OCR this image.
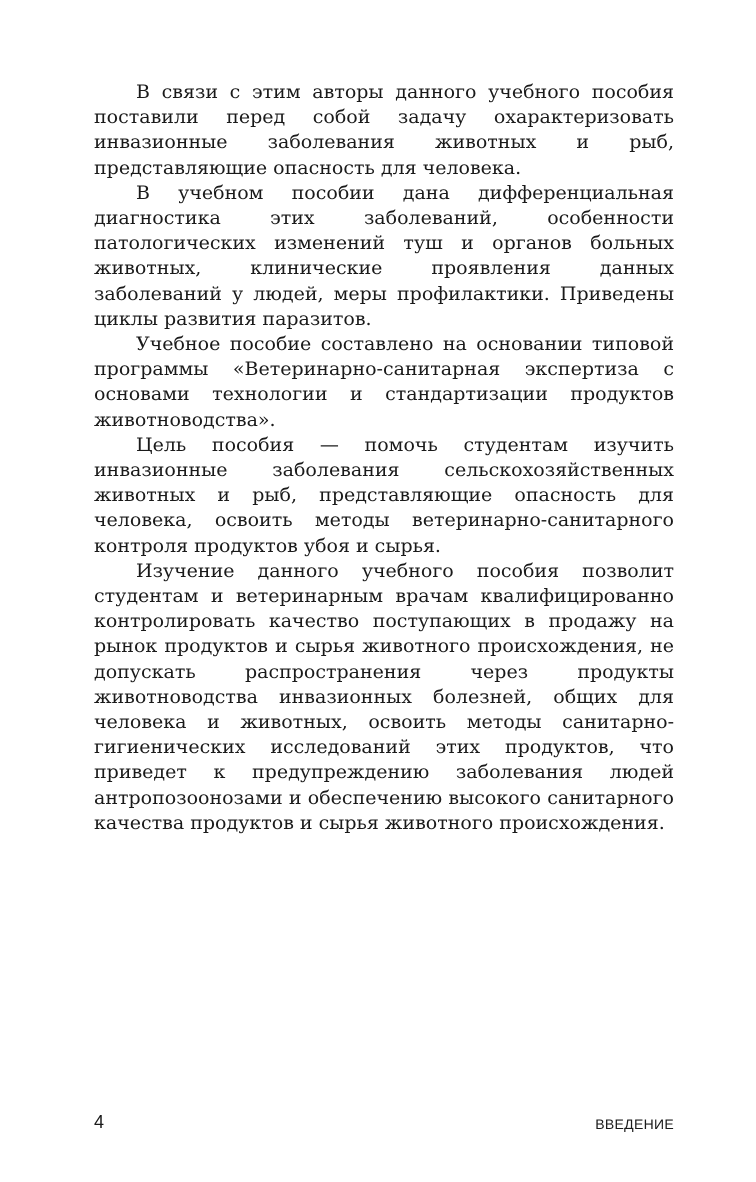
В связи с этим авторы данного учебного пособия поставили перед собой задачу охарактеризовать инвазионные заболевания животных и рыб, представляющие опасность для человека.

В учебном пособии дана дифференциальная диагностика этих заболеваний, особенности патологических изменений туш и органов больных животных, клинические проявления данных заболеваний у людей, меры профилактики. Приведены циклы развития паразитов.

Учебное пособие составлено на основании типовой программы «Ветеринарно-санитарная экспертиза с основами технологии и стандартизации продуктов животноводства».

Цель пособия — помочь студентам изучить инвазионные заболевания сельскохозяйственных животных и рыб, представляющие опасность для человека, освоить методы ветеринарно-санитарного контроля продуктов убоя и сырья.

Изучение данного учебного пособия позволит студентам и ветеринарным врачам квалифицированно контролировать качество поступающих в продажу на рынок продуктов и сырья животного происхождения, не допускать распространения через продукты животноводства инвазионных болезней, общих для человека и животных, освоить методы санитарно-гигиенических исследований этих продуктов, что приведет к предупреждению заболевания людей антропозоонозами и обеспечению высокого санитарного качества продуктов и сырья животного происхождения.

4	ВВЕДЕНИЕ
